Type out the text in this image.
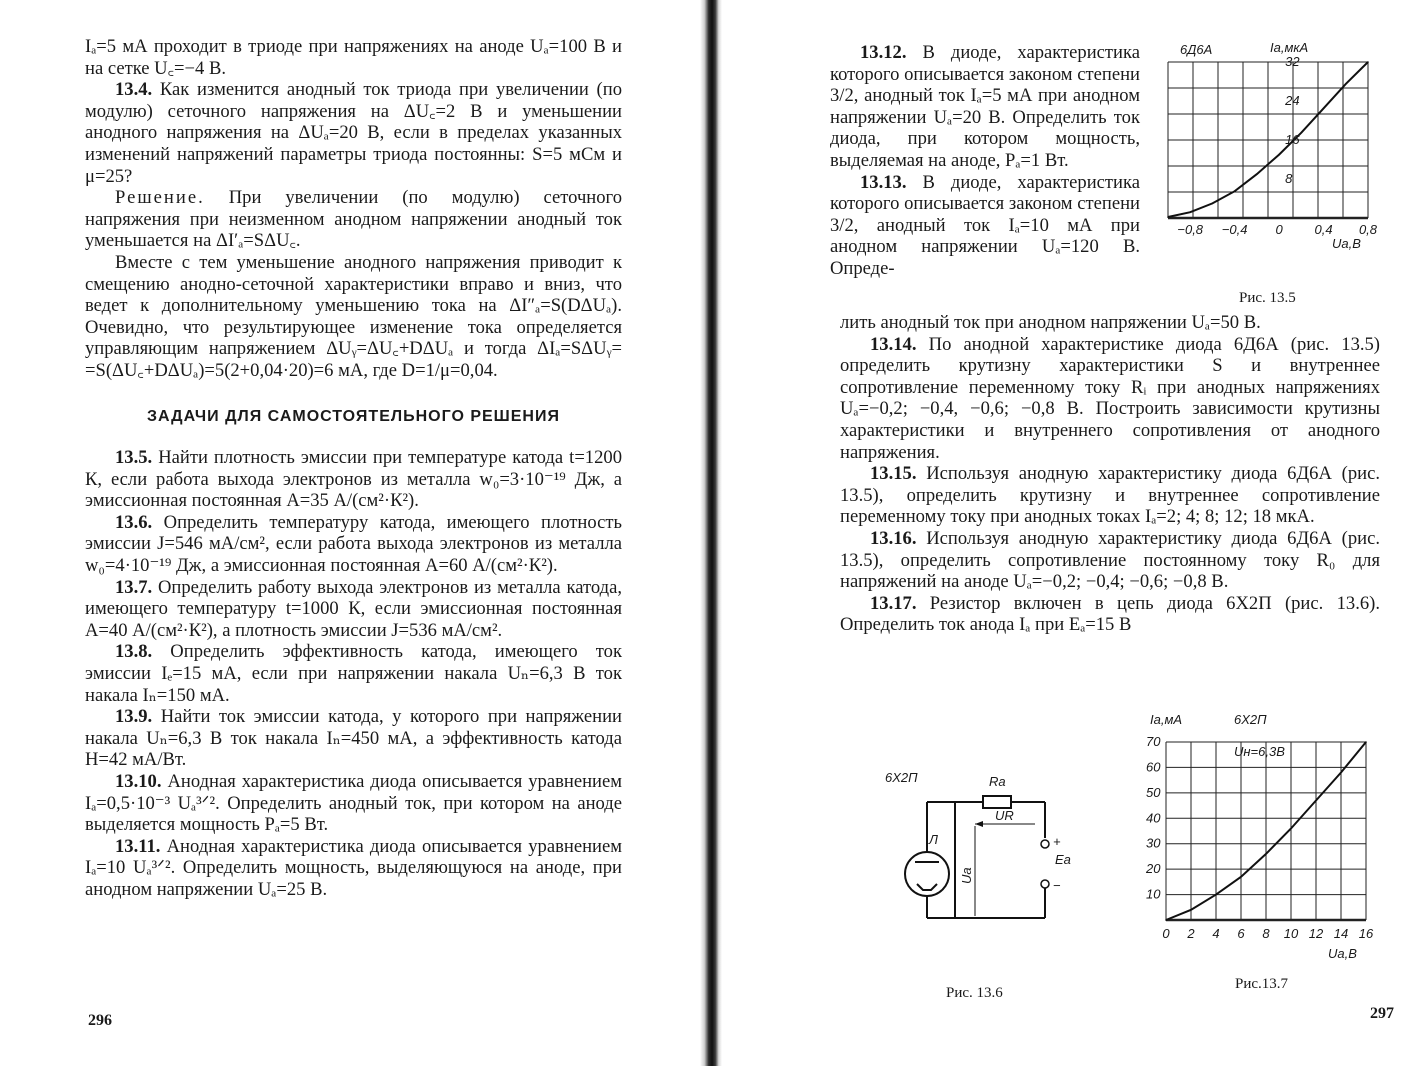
Iₐ=5 мА проходит в триоде при напряжениях на аноде Uₐ=100 В и на сетке U꜀=−4 В.

13.4. Как изменится анодный ток триода при увеличении (по модулю) сеточного напряжения на ΔU꜀=2 В и уменьшении анодного напряжения на ΔUₐ=20 В, если в пределах указанных изменений напряжений параметры триода постоянны: S=5 мСм и μ=25?

Решение. При увеличении (по модулю) сеточного напряжения при неизменном анодном напряжении анодный ток уменьшается на ΔI′ₐ=SΔU꜀.

Вместе с тем уменьшение анодного напряжения приводит к смещению анодно-сеточной характеристики вправо и вниз, что ведет к дополнительному уменьшению тока на ΔI″ₐ=S(DΔUₐ). Очевидно, что результирующее изменение тока определяется управляющим напряжением ΔUᵧ=ΔU꜀+DΔUₐ и тогда ΔIₐ=SΔUᵧ= =S(ΔU꜀+DΔUₐ)=5(2+0,04·20)=6 мА, где D=1/μ=0,04.

ЗАДАЧИ ДЛЯ САМОСТОЯТЕЛЬНОГО РЕШЕНИЯ

13.5. Найти плотность эмиссии при температуре катода t=1200 К, если работа выхода электронов из металла w₀=3·10⁻¹⁹ Дж, а эмиссионная постоянная A=35 А/(см²·К²).

13.6. Определить температуру катода, имеющего плотность эмиссии J=546 мА/см², если работа выхода электронов из металла w₀=4·10⁻¹⁹ Дж, а эмиссионная постоянная A=60 А/(см²·К²).

13.7. Определить работу выхода электронов из металла катода, имеющего температуру t=1000 К, если эмиссионная постоянная A=40 А/(см²·К²), а плотность эмиссии J=536 мА/см².

13.8. Определить эффективность катода, имеющего ток эмиссии Iₑ=15 мА, если при напряжении накала Uₙ=6,3 В ток накала Iₙ=150 мА.

13.9. Найти ток эмиссии катода, у которого при напряжении накала Uₙ=6,3 В ток накала Iₙ=450 мА, а эффективность катода H=42 мА/Вт.

13.10. Анодная характеристика диода описывается уравнением Iₐ=0,5·10⁻³ Uₐ³ᐟ². Определить анодный ток, при котором на аноде выделяется мощность Pₐ=5 Вт.

13.11. Анодная характеристика диода описывается уравнением Iₐ=10 Uₐ³ᐟ². Определить мощность, выделяющуюся на аноде, при анодном напряжении Uₐ=25 В.

296

13.12. В диоде, характеристика которого описывается законом степени 3/2, анодный ток Iₐ=5 мА при анодном напряжении Uₐ=20 В. Определить ток диода, при котором мощность, выделяемая на аноде, Pₐ=1 Вт.

13.13. В диоде, характеристика которого описывается законом степени 3/2, анодный ток Iₐ=10 мА при анодном напряжении Uₐ=120 В. Опреде-

лить анодный ток при анодном напряжении Uₐ=50 В.

13.14. По анодной характеристике диода 6Д6А (рис. 13.5) определить крутизну характеристики S и внутреннее сопротивление переменному току Rᵢ при анодных напряжениях Uₐ=−0,2; −0,4, −0,6; −0,8 В. Построить зависимости крутизны характеристики и внутреннего сопротивления от анодного напряжения.

13.15. Используя анодную характеристику диода 6Д6А (рис. 13.5), определить крутизну и внутреннее сопротивление переменному току при анодных токах Iₐ=2; 4; 8; 12; 18 мкА.

13.16. Используя анодную характеристику диода 6Д6А (рис. 13.5), определить сопротивление постоянному току R₀ для напряжений на аноде Uₐ=−0,2; −0,4; −0,6; −0,8 В.

13.17. Резистор включен в цепь диода 6Х2П (рис. 13.6). Определить ток анода Iₐ при Eₐ=15 В

6Д6А	Iа,мкА
32
24
16
8
−0,8 −0,4 0 0,4 0,8
Uа,В
Рис. 13.5
6Х2П	Rа
+
Eа
−
Л
UR
Uа
Рис. 13.6
Iа,мА	6Х2П
Uн=6,3В
70
60
50
40
30
20
10
0 2 4 6 8 10 12 14 16
Uа,В
Рис.13.7
297
